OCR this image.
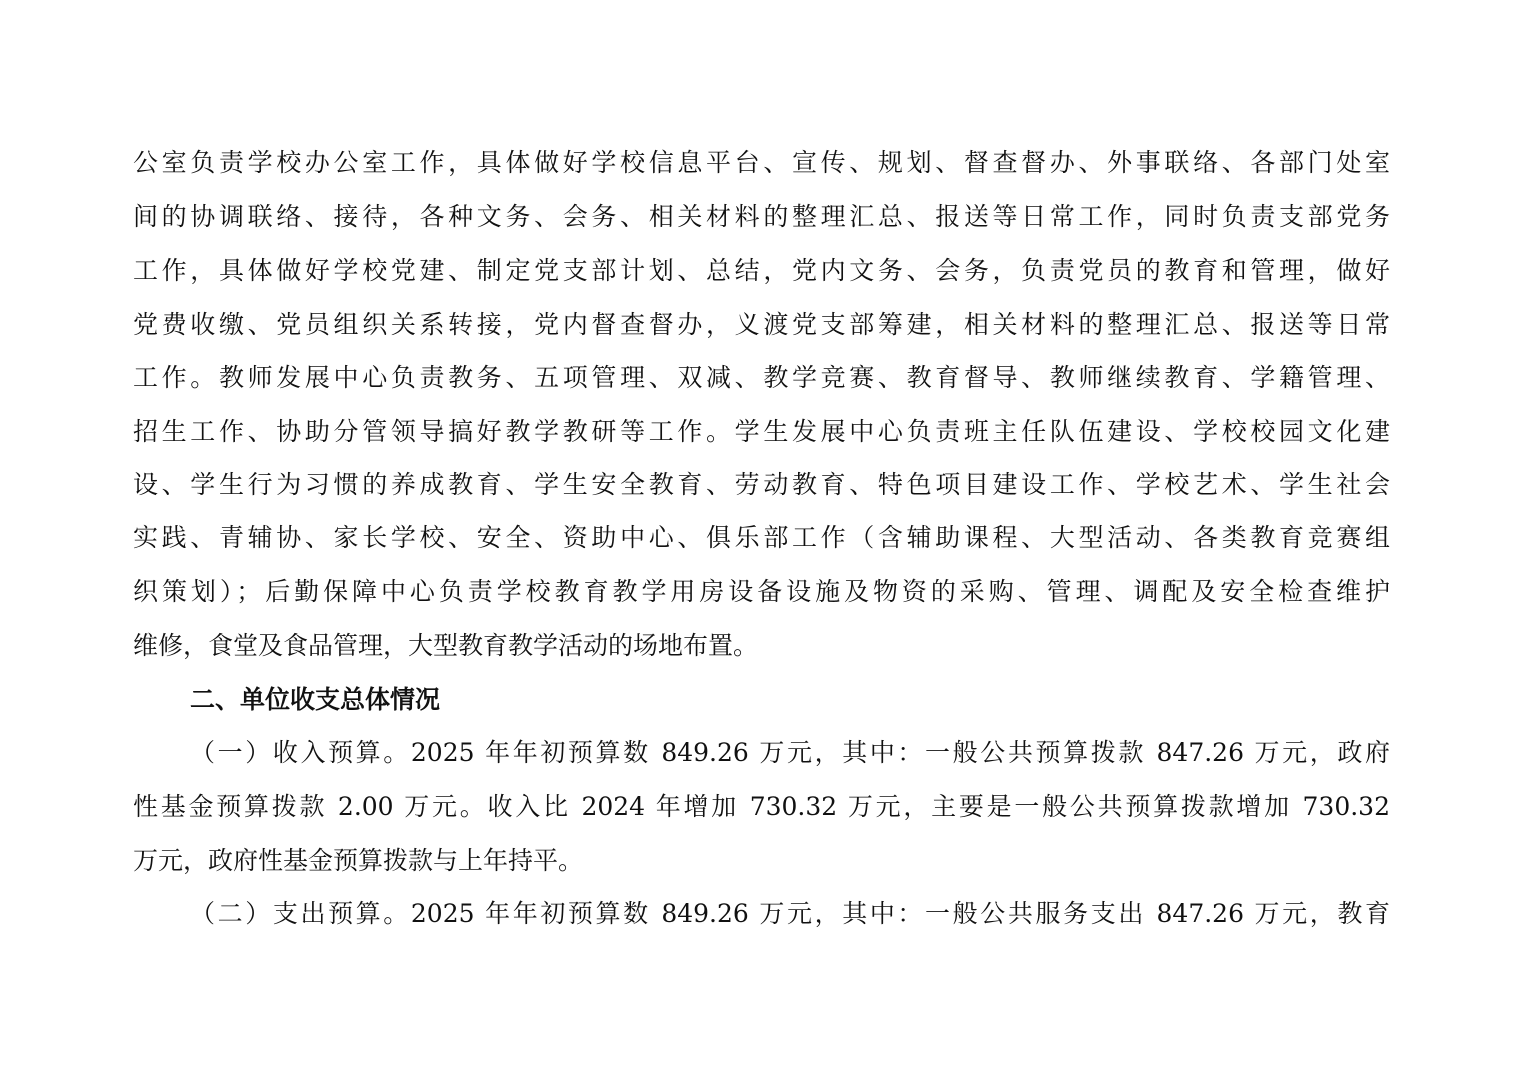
公室负责学校办公室工作，具体做好学校信息平台、宣传、规划、督查督办、外事联络、各部门处室
间的协调联络、接待，各种文务、会务、相关材料的整理汇总、报送等日常工作，同时负责支部党务
工作，具体做好学校党建、制定党支部计划、总结，党内文务、会务，负责党员的教育和管理，做好
党费收缴、党员组织关系转接，党内督查督办，义渡党支部筹建，相关材料的整理汇总、报送等日常
工作。教师发展中心负责教务、五项管理、双减、教学竞赛、教育督导、教师继续教育、学籍管理、
招生工作、协助分管领导搞好教学教研等工作。学生发展中心负责班主任队伍建设、学校校园文化建
设、学生行为习惯的养成教育、学生安全教育、劳动教育、特色项目建设工作、学校艺术、学生社会
实践、青辅协、家长学校、安全、资助中心、俱乐部工作（含辅助课程、大型活动、各类教育竞赛组
织策划）；后勤保障中心负责学校教育教学用房设备设施及物资的采购、管理、调配及安全检查维护
维修，食堂及食品管理，大型教育教学活动的场地布置。
二、单位收支总体情况
（一）收入预算。2025 年年初预算数 849.26 万元，其中：一般公共预算拨款 847.26 万元，政府
性基金预算拨款 2.00 万元。收入比 2024 年增加 730.32 万元，主要是一般公共预算拨款增加 730.32
万元，政府性基金预算拨款与上年持平。
（二）支出预算。2025 年年初预算数 849.26 万元，其中：一般公共服务支出 847.26 万元，教育
